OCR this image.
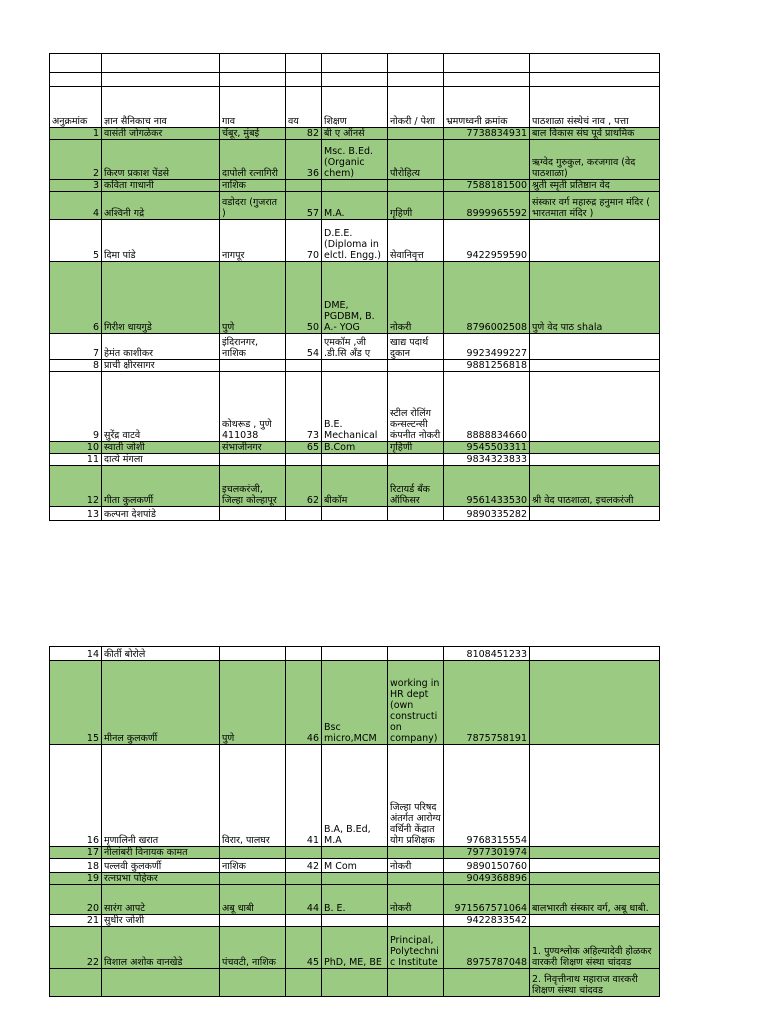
अनुक्रमांक	ज्ञान सैनिकाच नाव	गाव	वय	शिक्षण	नोकरी / पेशा	भ्रमणध्वनी क्रमांक	पाठशाळा संस्थेचं नाव , पत्ता
1	वासंती जोगळेकर	चेंबूर, मुंबई	82	बी ए ऑनर्स		7738834931	बाल विकास संघ पूर्व प्राथमिक
2	किरण प्रकाश पेंडसे	दापोली रत्नागिरी	36	Msc. B.Ed. (Organic chem)	पौरोहित्य		ऋग्वेद गुरुकुल, करजगाव (वेद पाठशाळा)
3	कविता गाधानी	नाशिक				7588181500	श्रुती स्मृती प्रतिष्ठान वेद
4	अश्विनी गद्रे	वडोदरा (गुजरात )	57	M.A.	गृहिणी	8999965592	संस्कार वर्ग महारुद्र हनुमान मंदिर ( भारतमाता मंदिर )
5	दिमा पांडे	नागपूर	70	D.E.E.(Diploma in elctl. Engg.)	सेवानिवृत्त	9422959590	
6	गिरीश धायगुडे	पुणे	50	DME, PGDBM, B. A.- YOG	नोकरी	8796002508	पुणे वेद पाठ shala
7	हेमंत काशीकर	इंदिरानगर, नाशिक	54	एमकॉम ,जी .डी.सि अँड ए	खाद्य पदार्थ दुकान	9923499227	
8	प्राची क्षीरसागर					9881256818	
9	सुरेंद्र वाटवे	कोथरूड , पुणे 411038	73	B.E. Mechanical	स्टील रोलिंग कन्सल्टन्सी कंपनीत नोकरी	8888834660	
10	स्वाती जोशी	संभाजीनगर	65	B.Com	गृहिणी	9545503311	
11	दात्ये मंगला					9834323833	
12	गीता कुलकर्णी	इचलकरंजी, जिल्हा कोल्हापूर	62	बीकॉम	रिटायर्ड बँक ऑफिसर	9561433530	श्री वेद पाठशाळा, इचलकरंजी
13	कल्पना देशपांडे					9890335282	
14	कीर्ती बोरोले					8108451233	
15	मीनल कुलकर्णी	पुणे	46	Bsc micro,MCM	working in HR dept (own construction company)	7875758191	
16	मृणालिनी खरात	विरार, पालघर	41	B.A, B.Ed, M.A	जिल्हा परिषद अंतर्गत आरोग्य वर्धिनी केंद्रात योग प्रशिक्षक	9768315554	
17	नीलांबरी विनायक कामत					7977301974	
18	पल्लवी कुलकर्णी	नाशिक	42	M Com	नोकरी	9890150760	
19	रत्नप्रभा पोहेकर					9049368896	
20	सारंग आपटे	अबू धाबी	44	B. E.	नोकरी	971567571064	बालभारती संस्कार वर्ग, अबू धाबी.
21	सुधीर जोशी					9422833542	
22	विशाल अशोक वानखेडे	पंचवटी, नाशिक	45	PhD, ME, BE	Principal, Polytechnic Institute	8975787048	1. पुण्यश्लोक अहिल्यादेवी होळकर वारकरी शिक्षण संस्था चांदवड
							2. निवृत्तीनाथ महाराज वारकरी शिक्षण संस्था चांदवड
